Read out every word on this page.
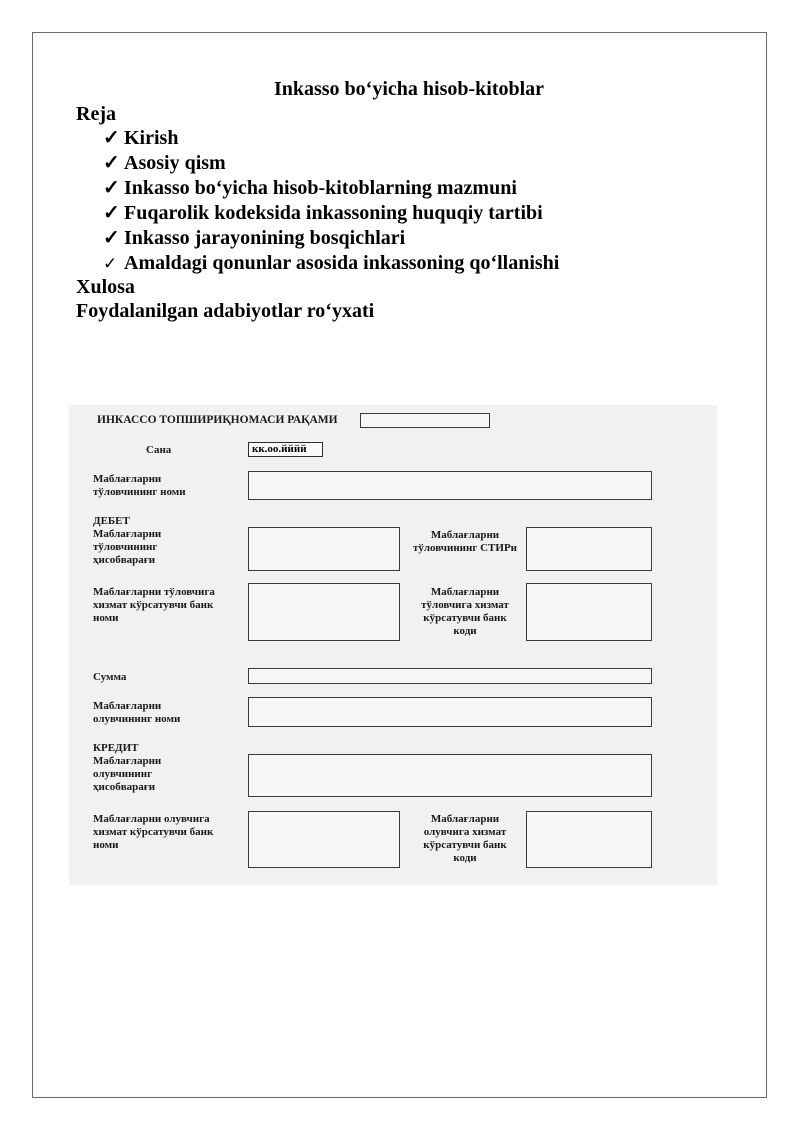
Inkasso bo‘yicha hisob-kitoblar
Reja
✓ Kirish
✓ Asosiy qism
✓ Inkasso bo‘yicha hisob-kitoblarning mazmuni
✓ Fuqarolik kodeksida inkassoning huquqiy tartibi
✓ Inkasso jarayonining bosqichlari
✓ Amaldagi qonunlar asosida inkassoning qo‘llanishi
Xulosa
Foydalanilgan adabiyotlar ro‘yxati
ИНКАССО ТОПШИРИҚНОМАСИ РАҚАМИ
Сана	кк.оо.йййй
Маблағларни
тўловчининг номи
ДЕБЕТ
Маблағларни
тўловчининг
ҳисобварағи
Маблағларни
тўловчининг СТИРи
Маблағларни тўловчига
хизмат кўрсатувчи банк
номи
Маблағларни
тўловчига хизмат
кўрсатувчи банк
коди
Сумма
Маблағларни
олувчининг номи
КРЕДИТ
Маблағларни
олувчининг
ҳисобварағи
Маблағларни олувчига
хизмат кўрсатувчи банк
номи
Маблағларни
олувчига хизмат
кўрсатувчи банк
коди
